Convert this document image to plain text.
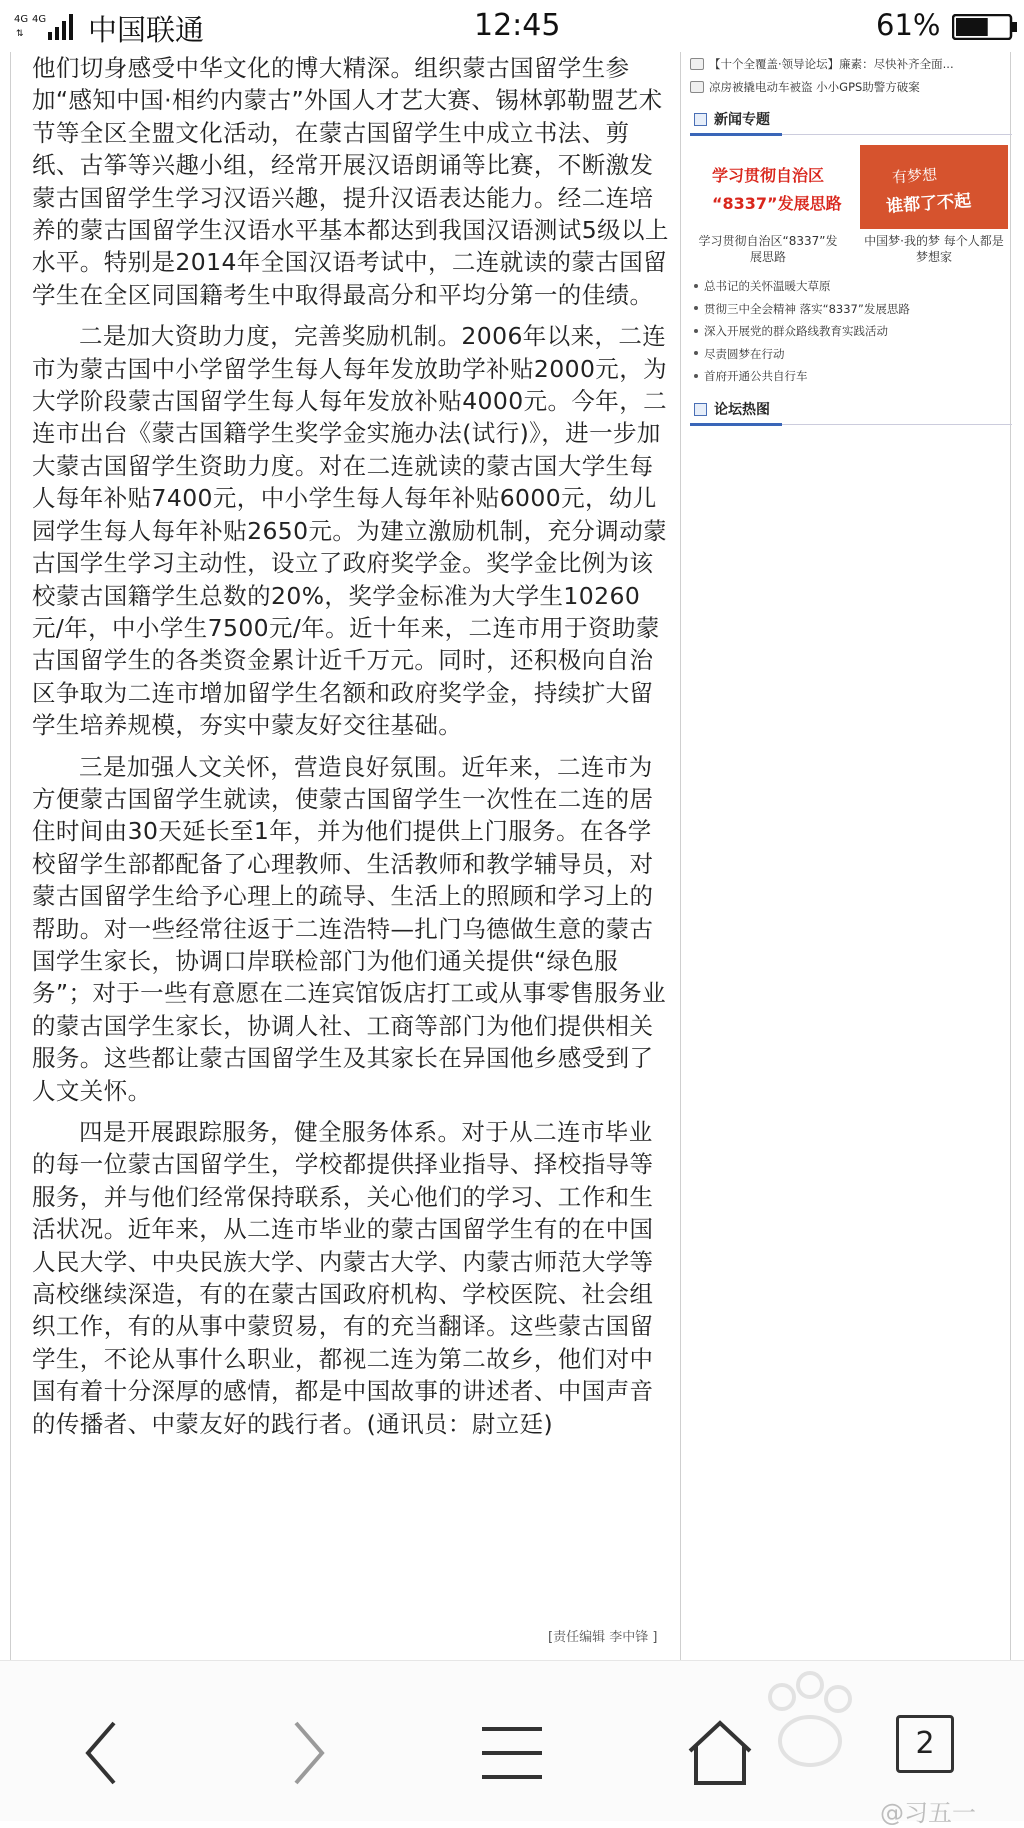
4G 4G
⇅ 中国联通	12:45	61%

他们切身感受中华文化的博大精深。组织蒙古国留学生参加“感知中国·相约内蒙古”外国人才艺大赛、锡林郭勒盟艺术节等全区全盟文化活动，在蒙古国留学生中成立书法、剪纸、古筝等兴趣小组，经常开展汉语朗诵等比赛，不断激发蒙古国留学生学习汉语兴趣，提升汉语表达能力。经二连培养的蒙古国留学生汉语水平基本都达到我国汉语测试5级以上水平。特别是2014年全国汉语考试中，二连就读的蒙古国留学生在全区同国籍考生中取得最高分和平均分第一的佳绩。

二是加大资助力度，完善奖励机制。2006年以来，二连市为蒙古国中小学留学生每人每年发放助学补贴2000元，为大学阶段蒙古国留学生每人每年发放补贴4000元。今年，二连市出台《蒙古国籍学生奖学金实施办法(试行)》，进一步加大蒙古国留学生资助力度。对在二连就读的蒙古国大学生每人每年补贴7400元，中小学生每人每年补贴6000元，幼儿园学生每人每年补贴2650元。为建立激励机制，充分调动蒙古国学生学习主动性，设立了政府奖学金。奖学金比例为该校蒙古国籍学生总数的20%，奖学金标准为大学生10260元/年，中小学生7500元/年。近十年来，二连市用于资助蒙古国留学生的各类资金累计近千万元。同时，还积极向自治区争取为二连市增加留学生名额和政府奖学金，持续扩大留学生培养规模，夯实中蒙友好交往基础。

三是加强人文关怀，营造良好氛围。近年来，二连市为方便蒙古国留学生就读，使蒙古国留学生一次性在二连的居住时间由30天延长至1年，并为他们提供上门服务。在各学校留学生部都配备了心理教师、生活教师和教学辅导员，对蒙古国留学生给予心理上的疏导、生活上的照顾和学习上的帮助。对一些经常往返于二连浩特—扎门乌德做生意的蒙古国学生家长，协调口岸联检部门为他们通关提供“绿色服务”；对于一些有意愿在二连宾馆饭店打工或从事零售服务业的蒙古国学生家长，协调人社、工商等部门为他们提供相关服务。这些都让蒙古国留学生及其家长在异国他乡感受到了人文关怀。

四是开展跟踪服务，健全服务体系。对于从二连市毕业的每一位蒙古国留学生，学校都提供择业指导、择校指导等服务，并与他们经常保持联系，关心他们的学习、工作和生活状况。近年来，从二连市毕业的蒙古国留学生有的在中国人民大学、中央民族大学、内蒙古大学、内蒙古师范大学等高校继续深造，有的在蒙古国政府机构、学校医院、社会组织工作，有的从事中蒙贸易，有的充当翻译。这些蒙古国留学生，不论从事什么职业，都视二连为第二故乡，他们对中国有着十分深厚的感情，都是中国故事的讲述者、中国声音的传播者、中蒙友好的践行者。(通讯员：尉立廷)

[责任编辑 李中锋 ]
【十个全覆盖·领导论坛】廉素：尽快补齐全面...
凉房被撬电动车被盗 小小GPS助警方破案
新闻专题
学习贯彻自治区
“8337”发展思路
学习贯彻自治区“8337”发展思路
有梦想
谁都了不起
中国梦·我的梦 每个人都是梦想家
总书记的关怀温暖大草原
贯彻三中全会精神 落实“8337”发展思路
深入开展党的群众路线教育实践活动
尽责圆梦在行动
首府开通公共自行车
论坛热图
2
@习五一
